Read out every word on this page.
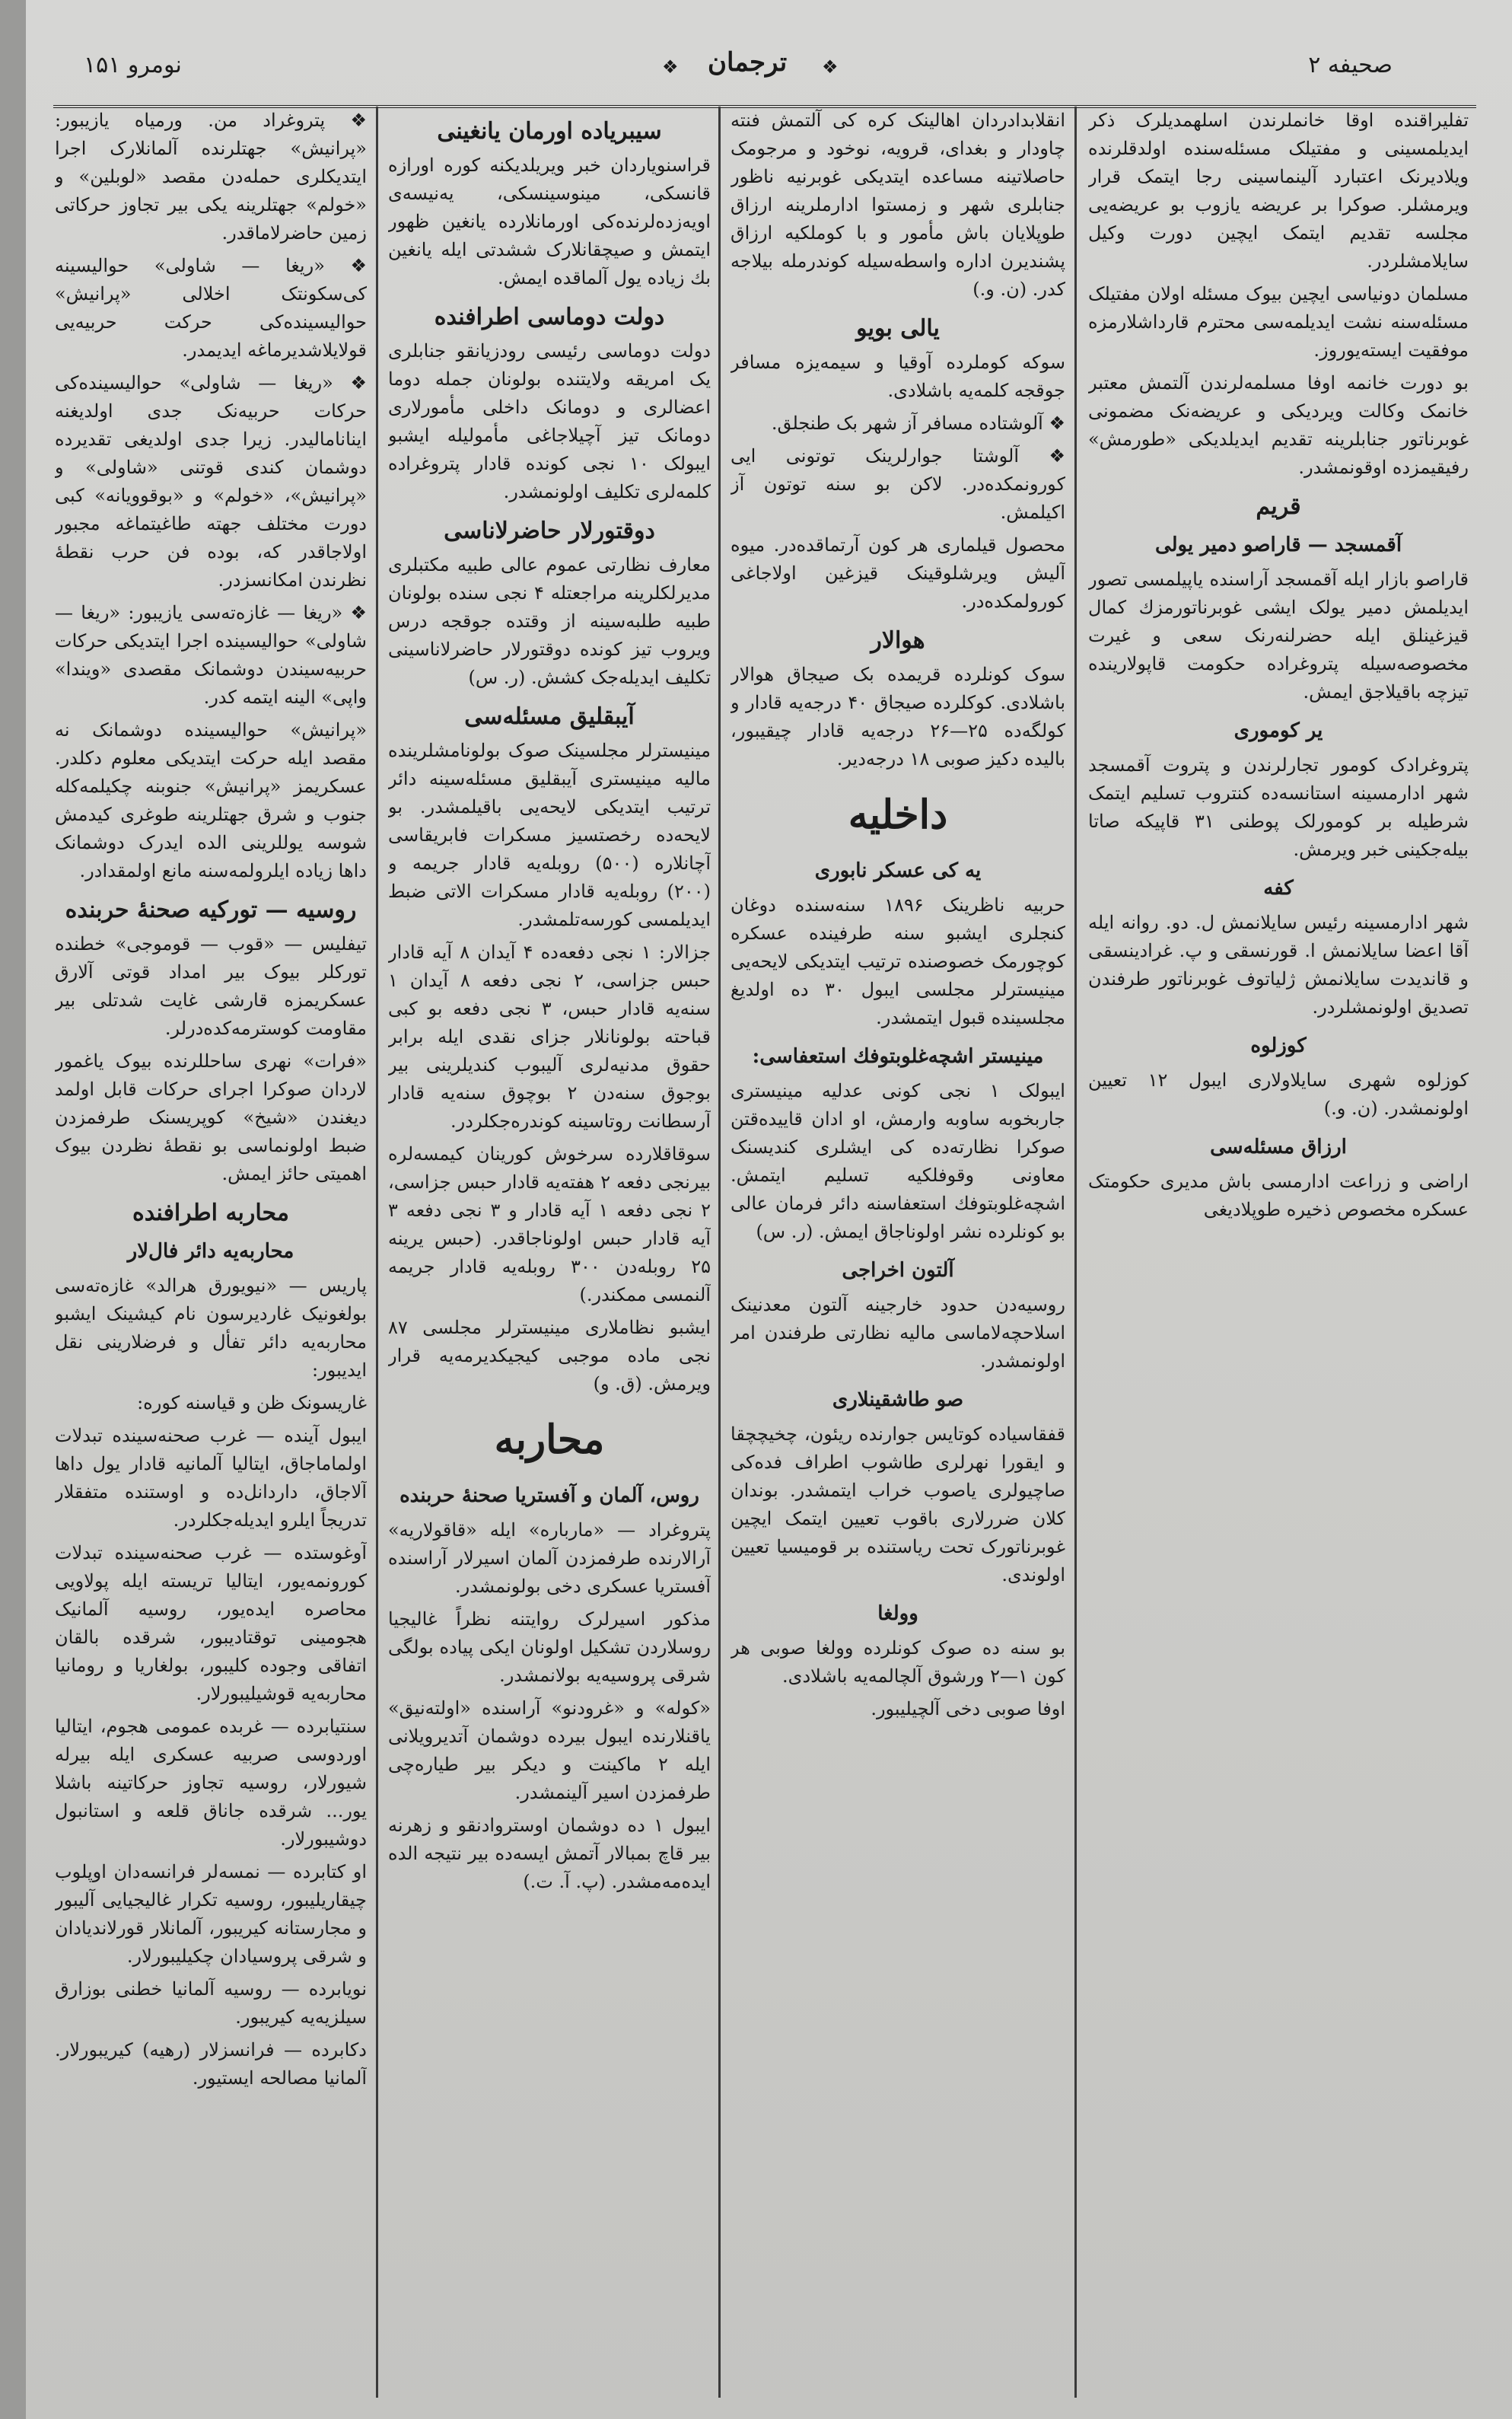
صحیفه ۲
❖ ترجمان ❖
نومرو ۱۵۱

تفلیراقنده اوقا خانملرندن اسلهمدیلرک ذکر ایدیلمسینی و مفتیلک مسئله‌سنده اولدقلرنده ویلادیرنک اعتبارد آلینماسینی رجا ایتمک قرار ویرمشلر. صوکرا بر عریضه یازوب بو عریضه‌یی مجلسه تقدیم ایتمک ایچین دورت وکیل سایلامشلردر.

مسلمان دونیاسی ایچین بیوک مسئله اولان مفتیلک مسئله‌سنه نشت ایدیلمه‌سی محترم قارداشلارمزه موفقیت ایسته‌یوروز.

بو دورت خانمه اوفا مسلمه‌لرندن آلتمش معتبر خانمک وکالت ویردیکی و عریضه‌نک مضمونی غوبرناتور جنابلرینه تقدیم ایدیلدیکی «طورمش» رفیقیمزده اوقونمشدر.

قریم
آقمسجد — قاراصو دمیر یولی

قاراصو بازار ایله آقمسجد آراسنده یاپیلمسی تصور ایدیلمش دمیر یولک ایشی غوبرناتورمزك کمال قیزغینلق ایله حضرلنه‌رنک سعی و غیرت مخصوصه‌سیله پتروغراده حکومت قاپولارینده تیزچه باقیلاجق ایمش.

یر کوموری

پتروغرادک کومور تجارلرندن و پتروت آقمسجد شهر ادارمسینه استانسه‌ده کنتروب تسلیم ایتمک شرطیله بر کومورلک پوطنی ۳۱ قاپیکه صاتا بیله‌جکینی خبر ویرمش.

کفه

شهر ادارمسینه رئیس سایلانمش ل. دو. روانه ایله آقا اعضا سایلانمش ا. قورنسقی و پ. غرادینسقی و قاندیدت سایلانمش ژلیاتوف غوبرناتور طرفندن تصدیق اولونمشلردر.

کوزلوه

کوزلوه شهری سایلاولاری ایبول ۱۲ تعیین اولونمشدر. (ن. و.)

ارزاق مسئله‌سی

اراضی و زراعت ادارمسی باش مدیری حکومتک عسکره مخصوص ذخیره طوپلادیغی

انقلابدادردان اهالینک کره کی آلتمش فنته چاودار و بغدای، قرویه، نوخود و مرجومک حاصلاتینه مساعده ایتدیکی غوبرنیه ناظور جنابلری شهر و زمستوا ادارملرینه ارزاق طوپلایان باش مأمور و با کوملکیه ارزاق پشندیرن اداره واسطه‌سیله کوندرمله بیلاجه کدر. (ن. و.)

یالی بویو

سوکه کوملرده آوقیا و سیمه‌یزه مسافر جوقجه کلمه‌یه باشلادی.

❖ آلوشتاده مسافر آز شهر بک طنجلق.

❖ آلوشتا جوارلرینک توتونی ایی کورونمکده‌در. لاکن بو سنه توتون آز اکیلمش.

محصول قیلماری هر کون آرتماقده‌در. میوه آلیش ویرشلوقینک قیزغین اولاجاغی کورولمکده‌در.

هوالار

سوک کونلرده قریمده بک صیجاق هوالار باشلادی. کوکلرده صیجاق ۴۰ درجه‌یه قادار و کولگه‌ده ۲۵—۲۶ درجه‌یه قادار چیقیبور، بالیده دکیز صوبی ۱۸ درجه‌دیر.

داخلیه
یه کی عسکر نابوری

حربیه ناظرینک ۱۸۹۶ سنه‌سنده دوغان کنجلری ایشبو سنه طرفینده عسکره کوچورمک خصوصنده ترتیب ایتدیکی لایحه‌یی مینیسترلر مجلسی ایبول ۳۰ ده اولدیغ مجلسینده قبول ایتمشدر.

مینیستر اشچه‌غلوبتوفك استعفاسی:

ایبولک ۱ نجی کونی عدلیه مینیستری جاربخوبه ساوبه وارمش، او ادان قاییده‌قتن صوکرا نظارته‌ده کی ایشلری کندیسنک معاونی وقوفلکیه تسلیم ایتمش. اشچه‌غلوبتوفك استعفاسنه دائر فرمان عالی بو کونلرده نشر اولوناجاق ایمش. (ر. س)

آلتون اخراجی

روسیه‌دن حدود خارجینه آلتون معدنینک اسلاحچه‌لاماسی مالیه نظارتی طرفندن امر اولونمشدر.

صو طاشقینلاری

قفقاسیاده کوتایس جوارنده ریئون، چخیچچقا و ایقورا نهرلری طاشوب اطراف فده‌کی صاچیولری یاصوب خراب ایتمشدر. بوندان کلان ضررلاری باقوب تعیین ایتمک ایچین غوبرناتورک تحت ریاستنده بر قومیسیا تعیین اولوندی.

وولغا

بو سنه ده صوک کونلرده وولغا صوبی هر کون ۱—۲ ورشوق آلچالمه‌یه باشلادی.

اوفا صوبی دخی آلچیلیبور.

سیبریاده اورمان یانغینی

قراسنویاردان خبر ویریلدیکنه کوره اورازه قانسکی، مینوسینسکی، یه‌نیسه‌ی اویه‌زده‌لرنده‌کی اورمانلارده یانغین ظهور ایتمش و صیچقانلارک ششدتی ایله یانغین بك زیاده یول آلماقده ایمش.

دولت دوماسی اطرافنده

دولت دوماسی رئیسی رودزیانقو جنابلری یک امریقه ولایتنده بولونان جمله دوما اعضالری و دومانک داخلی مأمورلاری دومانک تیز آچیلاجاغی مأمولیله ایشبو ایبولک ۱۰ نجی کونده قادار پتروغراده کلمه‌لری تکلیف اولونمشدر.

دوقتورلار حاضرلاناسی

معارف نظارتی عموم عالی طبیه مکتبلری مدیرلکلرینه مراجعتله ۴ نجی سنده بولونان طبیه طلبه‌سینه از وقتده جوقجه درس ویروب تیز کونده دوقتورلار حاضرلاناسینی تکلیف ایدیله‌جک کشش. (ر. س)

آیبقلیق مسئله‌سی

مینیسترلر مجلسینک صوک بولونامشلرینده مالیه مینیستری آیبقلیق مسئله‌سینه دائر ترتیب ایتدیکی لایحه‌یی باقیلمشدر. بو لایحه‌ده رخصتسیز مسکرات فابریقاسی آچانلاره (۵۰۰) روبله‌یه قادار جریمه و (۲۰۰) روبله‌یه قادار مسکرات الاتی ضبط ایدیلمسی کورسه‌تلمشدر.

جزالار: ۱ نجی دفعه‌ده ۴ آیدان ۸ آیه قادار حبس جزاسی، ۲ نجی دفعه ۸ آیدان ۱ سنه‌یه قادار حبس، ۳ نجی دفعه بو کبی قباحته بولونانلار جزای نقدی ایله برابر حقوق مدنیه‌لری آلیبوب کندیلرینی بیر بوجوق سنه‌دن ۲ بوچوق سنه‌یه قادار آرسطانت روتاسینه کوندره‌جکلردر.

سوقاقلارده سرخوش کورینان کیمسه‌لره بیرنجی دفعه ۲ هفته‌یه قادار حبس جزاسی، ۲ نجی دفعه ۱ آیه قادار و ۳ نجی دفعه ۳ آیه قادار حبس اولوناجاقدر. (حبس یرینه ۲۵ روبله‌دن ۳۰۰ روبله‌یه قادار جریمه آلنمسی ممکندر.)

ایشبو نظاملاری مینیسترلر مجلسی ۸۷ نجی ماده موجبی کیجیکدیرمه‌یه قرار ویرمش. (ق. و)

محاربه
روس، آلمان و آفستریا صحنهٔ حربنده

پتروغراد — «مارباره» ایله «قاقولاریه» آرالارنده طرفمزدن آلمان اسیرلار آراسنده آفستریا عسکری دخی بولونمشدر.

مذکور اسیرلرک روایتنه نظراً غالیجیا روسلاردن تشکیل اولونان ایکی پیاده بولگی شرقی پروسیه‌یه بولانمشدر.

«کوله» و «غرودنو» آراسنده «اولته‌نیق» یاقنلارنده ایبول بیرده دوشمان آتدیرویلانی ایله ۲ ماکینت و دیکر بیر طیاره‌چی طرفمزدن اسیر آلینمشدر.

ایبول ۱ ده دوشمان اوستروادنقو و زهرنه بیر قاچ بمبالار آتمش ایسه‌ده بیر نتیجه الده ایده‌مه‌مشدر. (پ. آ. ت.)

❖ پتروغراد من. ورمیاه یازیبور: «پرانیش» جهتلرنده آلمانلارک اجرا ایتدیکلری حمله‌دن مقصد «لوبلین» و «خولم» جهتلرینه یکی بیر تجاوز حرکاتی زمین حاضرلاماقدر.

❖ «ریغا — شاولی» حوالیسینه کی‌سکونتک اخلالی «پرانیش» حوالیسینده‌کی حرکت حربیه‌یی قولایلاشدیرماغه ایدیمدر.

❖ «ریغا — شاولی» حوالیسینده‌کی حرکات حربیه‌نک جدی اولدیغنه اینانامالیدر. زیرا جدی اولدیغی تقدیرده دوشمان کندی قوتنی «شاولی» و «پرانیش»، «خولم» و «بوقوویانه» کبی دورت مختلف جهته طاغیتماغه مجبور اولاجاقدر که، بوده فن حرب نقطهٔ نظرندن امکانسزدر.

❖ «ریغا — غازه‌ته‌سی یازیبور: «ریغا — شاولی» حوالیسینده اجرا ایتدیکی حرکات حربیه‌سیندن دوشمانک مقصدی «ویندا» واپی» الینه ایتمه کدر.

«پرانیش» حوالیسینده دوشمانک نه مقصد ایله حرکت ایتدیکی معلوم دکلدر. عسکریمز «پرانیش» جنوبنه چکیلمه‌کله جنوب و شرق جهتلرینه طوغری کیدمش شوسه یوللرینی الده ایدرک دوشمانک داها زیاده ایلرولمه‌سنه مانع اولمقدادر.

روسیه — تورکیه صحنهٔ حربنده

تیفلیس — «قوب — قوموجی» خطنده تورکلر بیوک بیر امداد قوتی آلارق عسکریمزه قارشی غایت شدتلی بیر مقاومت کوسترمه‌کده‌درلر.

«فرات» نهری ساحللرنده بیوک یاغمور لاردان صوکرا اجرای حرکات قابل اولمد دیغندن «شیخ» کوپریسنک طرفمزدن ضبط اولونماسی بو نقطهٔ نظردن بیوک اهمیتی حائز ایمش.

محاربه اطرافنده
محاربه‌یه دائر فال‌لار

پاریس — «نیویورق هرالد» غازه‌ته‌سی بولغونیک غاردیرسون نام کیشینک ایشبو محاربه‌یه دائر تفأل و فرضلارینی نقل ایدیبور:

غاریسونک ظن و قیاسنه کوره:

ایبول آینده — غرب صحنه‌سینده تبدلات اولماماجاق، ایتالیا آلمانیه قادار یول داها آلاجاق، داردانل‌ده و اوستنده متفقلار تدریجاً ایلرو ایدیله‌جکلردر.

آوغوستده — غرب صحنه‌سینده تبدلات کورونمه‌یور، ایتالیا تریسته ایله پولاویی محاصره ایده‌یور، روسیه آلمانیک هجومینی توقتادیبور، شرقده بالقان اتفاقی وجوده کلیبور، بولغاریا و رومانیا محاربه‌یه قوشیلیبورلار.

سنتیابرده — غربده عمومی هجوم، ایتالیا اوردوسی صربیه عسکری ایله بیرله شیورلار، روسیه تجاوز حرکاتینه باشلا یور... شرقده جاناق قلعه و استانبول دوشیبورلار.

او کتابرده — نمسه‌لر فرانسه‌دان اوپلوب چیقاریلیبور، روسیه تکرار غالیجیایی آلیبور و مجارستانه کیریبور، آلمانلار قورلاندیادان و شرقی پروسیادان چکیلیبورلار.

نویابرده — روسیه آلمانیا خطنی بوزارق سیلزیه‌یه کیریبور.

دکابرده — فرانسزلار (رهیه) کیریبورلار. آلمانیا مصالحه ایستیور.
